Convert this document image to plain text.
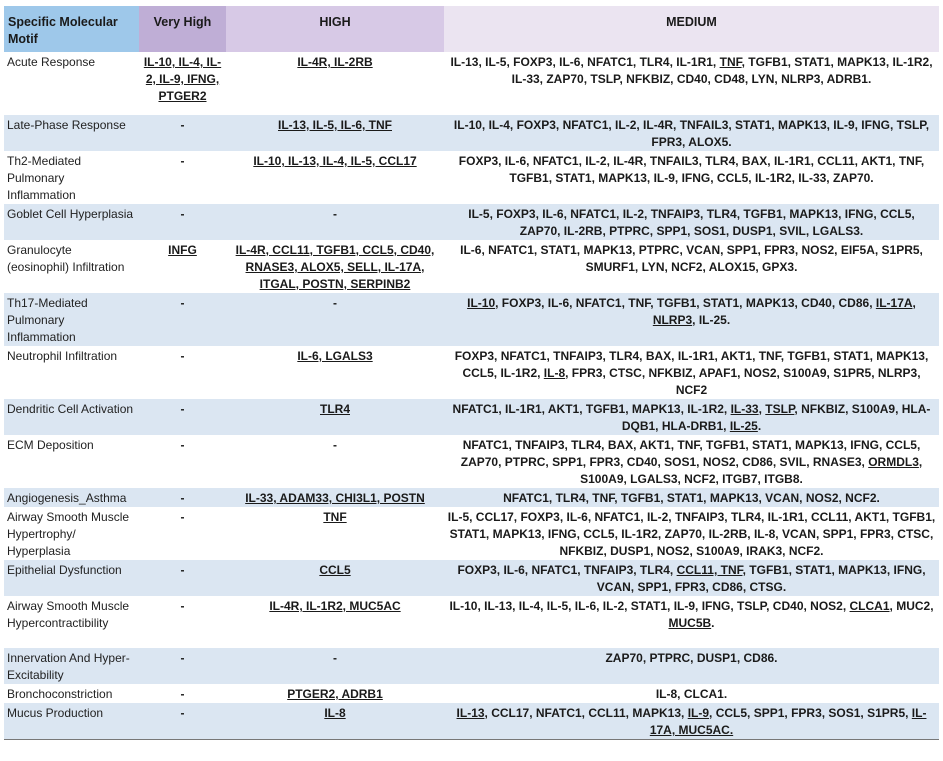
Specific Molecular Motif	Very High	HIGH	MEDIUM
Acute Response	IL-10, IL-4, IL-2, IL-9, IFNG, PTGER2	IL-4R, IL-2RB	IL-13, IL-5, FOXP3, IL-6, NFATC1, TLR4, IL-1R1, TNF, TGFB1, STAT1, MAPK13, IL-1R2, IL-33, ZAP70, TSLP, NFKBIZ, CD40, CD48, LYN, NLRP3, ADRB1.
Late-Phase Response	-	IL-13, IL-5, IL-6, TNF	IL-10, IL-4, FOXP3, NFATC1, IL-2, IL-4R, TNFAIL3, STAT1, MAPK13, IL-9, IFNG, TSLP, FPR3, ALOX5.
Th2-Mediated Pulmonary Inflammation	-	IL-10, IL-13, IL-4, IL-5, CCL17	FOXP3, IL-6, NFATC1, IL-2, IL-4R, TNFAIL3, TLR4, BAX, IL-1R1, CCL11, AKT1, TNF, TGFB1, STAT1, MAPK13, IL-9, IFNG, CCL5, IL-1R2, IL-33, ZAP70.
Goblet Cell Hyperplasia	-	-	IL-5, FOXP3, IL-6, NFATC1, IL-2, TNFAIP3, TLR4, TGFB1, MAPK13, IFNG, CCL5, ZAP70, IL-2RB, PTPRC, SPP1, SOS1, DUSP1, SVIL, LGALS3.
Granulocyte (eosinophil) Infiltration	INFG	IL-4R, CCL11, TGFB1, CCL5, CD40, RNASE3, ALOX5, SELL, IL-17A, ITGAL, POSTN, SERPINB2	IL-6, NFATC1, STAT1, MAPK13, PTPRC, VCAN, SPP1, FPR3, NOS2, EIF5A, S1PR5, SMURF1, LYN, NCF2, ALOX15, GPX3.
Th17-Mediated Pulmonary Inflammation	-	-	IL-10, FOXP3, IL-6, NFATC1, TNF, TGFB1, STAT1, MAPK13, CD40, CD86, IL-17A, NLRP3, IL-25.
Neutrophil Infiltration	-	IL-6, LGALS3	FOXP3, NFATC1, TNFAIP3, TLR4, BAX, IL-1R1, AKT1, TNF, TGFB1, STAT1, MAPK13, CCL5, IL-1R2, IL-8, FPR3, CTSC, NFKBIZ, APAF1, NOS2, S100A9, S1PR5, NLRP3, NCF2
Dendritic Cell Activation	-	TLR4	NFATC1, IL-1R1, AKT1, TGFB1, MAPK13, IL-1R2, IL-33, TSLP, NFKBIZ, S100A9, HLA-DQB1, HLA-DRB1, IL-25.
ECM Deposition	-	-	NFATC1, TNFAIP3, TLR4, BAX, AKT1, TNF, TGFB1, STAT1, MAPK13, IFNG, CCL5, ZAP70, PTPRC, SPP1, FPR3, CD40, SOS1, NOS2, CD86, SVIL, RNASE3, ORMDL3, S100A9, LGALS3, NCF2, ITGB7, ITGB8.
Angiogenesis_Asthma	-	IL-33, ADAM33, CHI3L1, POSTN	NFATC1, TLR4, TNF, TGFB1, STAT1, MAPK13, VCAN, NOS2, NCF2.
Airway Smooth Muscle Hypertrophy/ Hyperplasia	-	TNF	IL-5, CCL17, FOXP3, IL-6, NFATC1, IL-2, TNFAIP3, TLR4, IL-1R1, CCL11, AKT1, TGFB1, STAT1, MAPK13, IFNG, CCL5, IL-1R2, ZAP70, IL-2RB, IL-8, VCAN, SPP1, FPR3, CTSC, NFKBIZ, DUSP1, NOS2, S100A9, IRAK3, NCF2.
Epithelial Dysfunction	-	CCL5	FOXP3, IL-6, NFATC1, TNFAIP3, TLR4, CCL11, TNF, TGFB1, STAT1, MAPK13, IFNG, VCAN, SPP1, FPR3, CD86, CTSG.
Airway Smooth Muscle Hypercontractibility	-	IL-4R, IL-1R2, MUC5AC	IL-10, IL-13, IL-4, IL-5, IL-6, IL-2, STAT1, IL-9, IFNG, TSLP, CD40, NOS2, CLCA1, MUC2, MUC5B.
Innervation And Hyper-Excitability	-	-	ZAP70, PTPRC, DUSP1, CD86.
Bronchoconstriction	-	PTGER2, ADRB1	IL-8, CLCA1.
Mucus Production	-	IL-8	IL-13, CCL17, NFATC1, CCL11, MAPK13, IL-9, CCL5, SPP1, FPR3, SOS1, S1PR5, IL-17A, MUC5AC.
